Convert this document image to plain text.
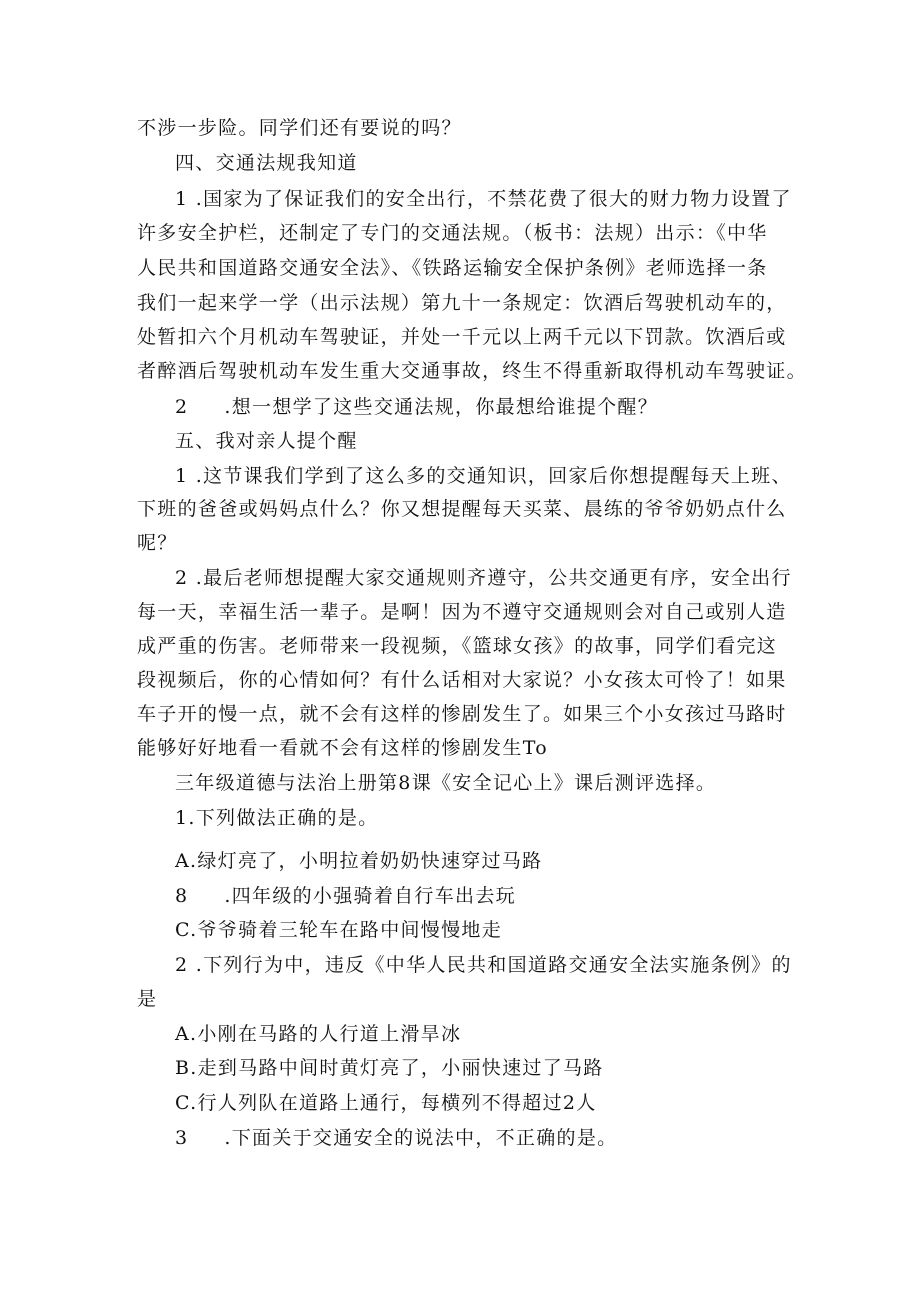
不涉一步险。同学们还有要说的吗？
四、交通法规我知道
1 .国家为了保证我们的安全出行，不禁花费了很大的财力物力设置了
许多安全护栏，还制定了专门的交通法规。（板书：法规）出示：《中华
人民共和国道路交通安全法》、《铁路运输安全保护条例》老师选择一条
我们一起来学一学（出示法规）第九十一条规定：饮酒后驾驶机动车的，
处暂扣六个月机动车驾驶证，并处一千元以上两千元以下罚款。饮酒后或
者醉酒后驾驶机动车发生重大交通事故，终生不得重新取得机动车驾驶证。
2 .想一想学了这些交通法规，你最想给谁提个醒？
五、我对亲人提个醒
1 .这节课我们学到了这么多的交通知识，回家后你想提醒每天上班、
下班的爸爸或妈妈点什么？你又想提醒每天买菜、晨练的爷爷奶奶点什么
呢？
2 .最后老师想提醒大家交通规则齐遵守，公共交通更有序，安全出行
每一天，幸福生活一辈子。是啊！因为不遵守交通规则会对自己或别人造
成严重的伤害。老师带来一段视频，《篮球女孩》的故事，同学们看完这
段视频后，你的心情如何？有什么话相对大家说？小女孩太可怜了！如果
车子开的慢一点，就不会有这样的惨剧发生了。如果三个小女孩过马路时
能够好好地看一看就不会有这样的惨剧发生To
三年级道德与法治上册第8课《安全记心上》课后测评选择。
1.下列做法正确的是。
A.绿灯亮了，小明拉着奶奶快速穿过马路
8 .四年级的小强骑着自行车出去玩
C.爷爷骑着三轮车在路中间慢慢地走
2 .下列行为中，违反《中华人民共和国道路交通安全法实施条例》的
是
A.小刚在马路的人行道上滑旱冰
B.走到马路中间时黄灯亮了，小丽快速过了马路
C.行人列队在道路上通行，每横列不得超过2人
3 .下面关于交通安全的说法中，不正确的是。
